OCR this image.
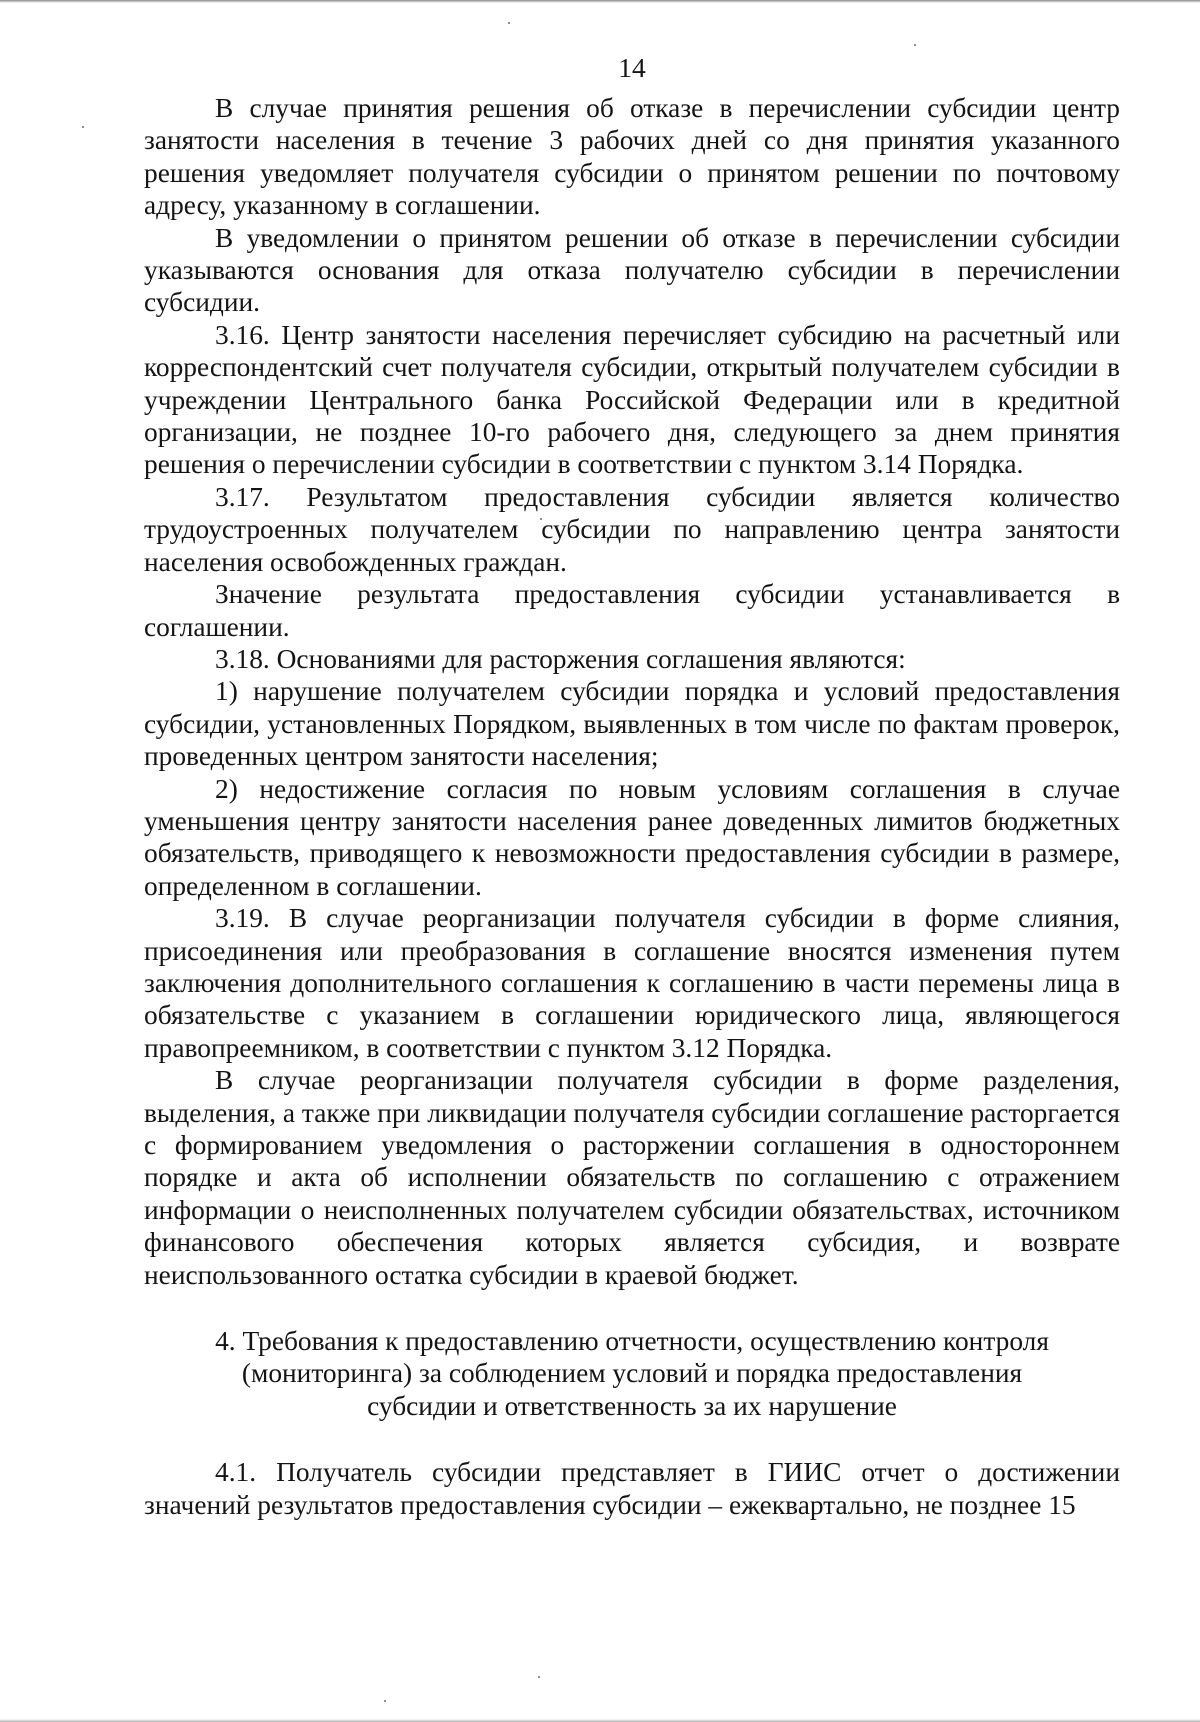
14

В случае принятия решения об отказе в перечислении субсидии центр занятости населения в течение 3 рабочих дней со дня принятия указанного решения уведомляет получателя субсидии о принятом решении по почтовому адресу, указанному в соглашении.

В уведомлении о принятом решении об отказе в перечислении субсидии указываются основания для отказа получателю субсидии в перечислении субсидии.

3.16. Центр занятости населения перечисляет субсидию на расчетный или корреспондентский счет получателя субсидии, открытый получателем субсидии в учреждении Центрального банка Российской Федерации или в кредитной организации, не позднее 10-го рабочего дня, следующего за днем принятия решения о перечислении субсидии в соответствии с пунктом 3.14 Порядка.

3.17. Результатом предоставления субсидии является количество трудоустроенных получателем субсидии по направлению центра занятости населения освобожденных граждан.

Значение результата предоставления субсидии устанавливается в соглашении.

3.18. Основаниями для расторжения соглашения являются:

1) нарушение получателем субсидии порядка и условий предоставления субсидии, установленных Порядком, выявленных в том числе по фактам проверок, проведенных центром занятости населения;

2) недостижение согласия по новым условиям соглашения в случае уменьшения центру занятости населения ранее доведенных лимитов бюджетных обязательств, приводящего к невозможности предоставления субсидии в размере, определенном в соглашении.

3.19. В случае реорганизации получателя субсидии в форме слияния, присоединения или преобразования в соглашение вносятся изменения путем заключения дополнительного соглашения к соглашению в части перемены лица в обязательстве с указанием в соглашении юридического лица, являющегося правопреемником, в соответствии с пунктом 3.12 Порядка.

В случае реорганизации получателя субсидии в форме разделения, выделения, а также при ликвидации получателя субсидии соглашение расторгается с формированием уведомления о расторжении соглашения в одностороннем порядке и акта об исполнении обязательств по соглашению с отражением информации о неисполненных получателем субсидии обязательствах, источником финансового обеспечения которых является субсидия, и возврате неиспользованного остатка субсидии в краевой бюджет.

4. Требования к предоставлению отчетности, осуществлению контроля (мониторинга) за соблюдением условий и порядка предоставления субсидии и ответственность за их нарушение

4.1. Получатель субсидии представляет в ГИИС отчет о достижении значений результатов предоставления субсидии – ежеквартально, не позднее 15
